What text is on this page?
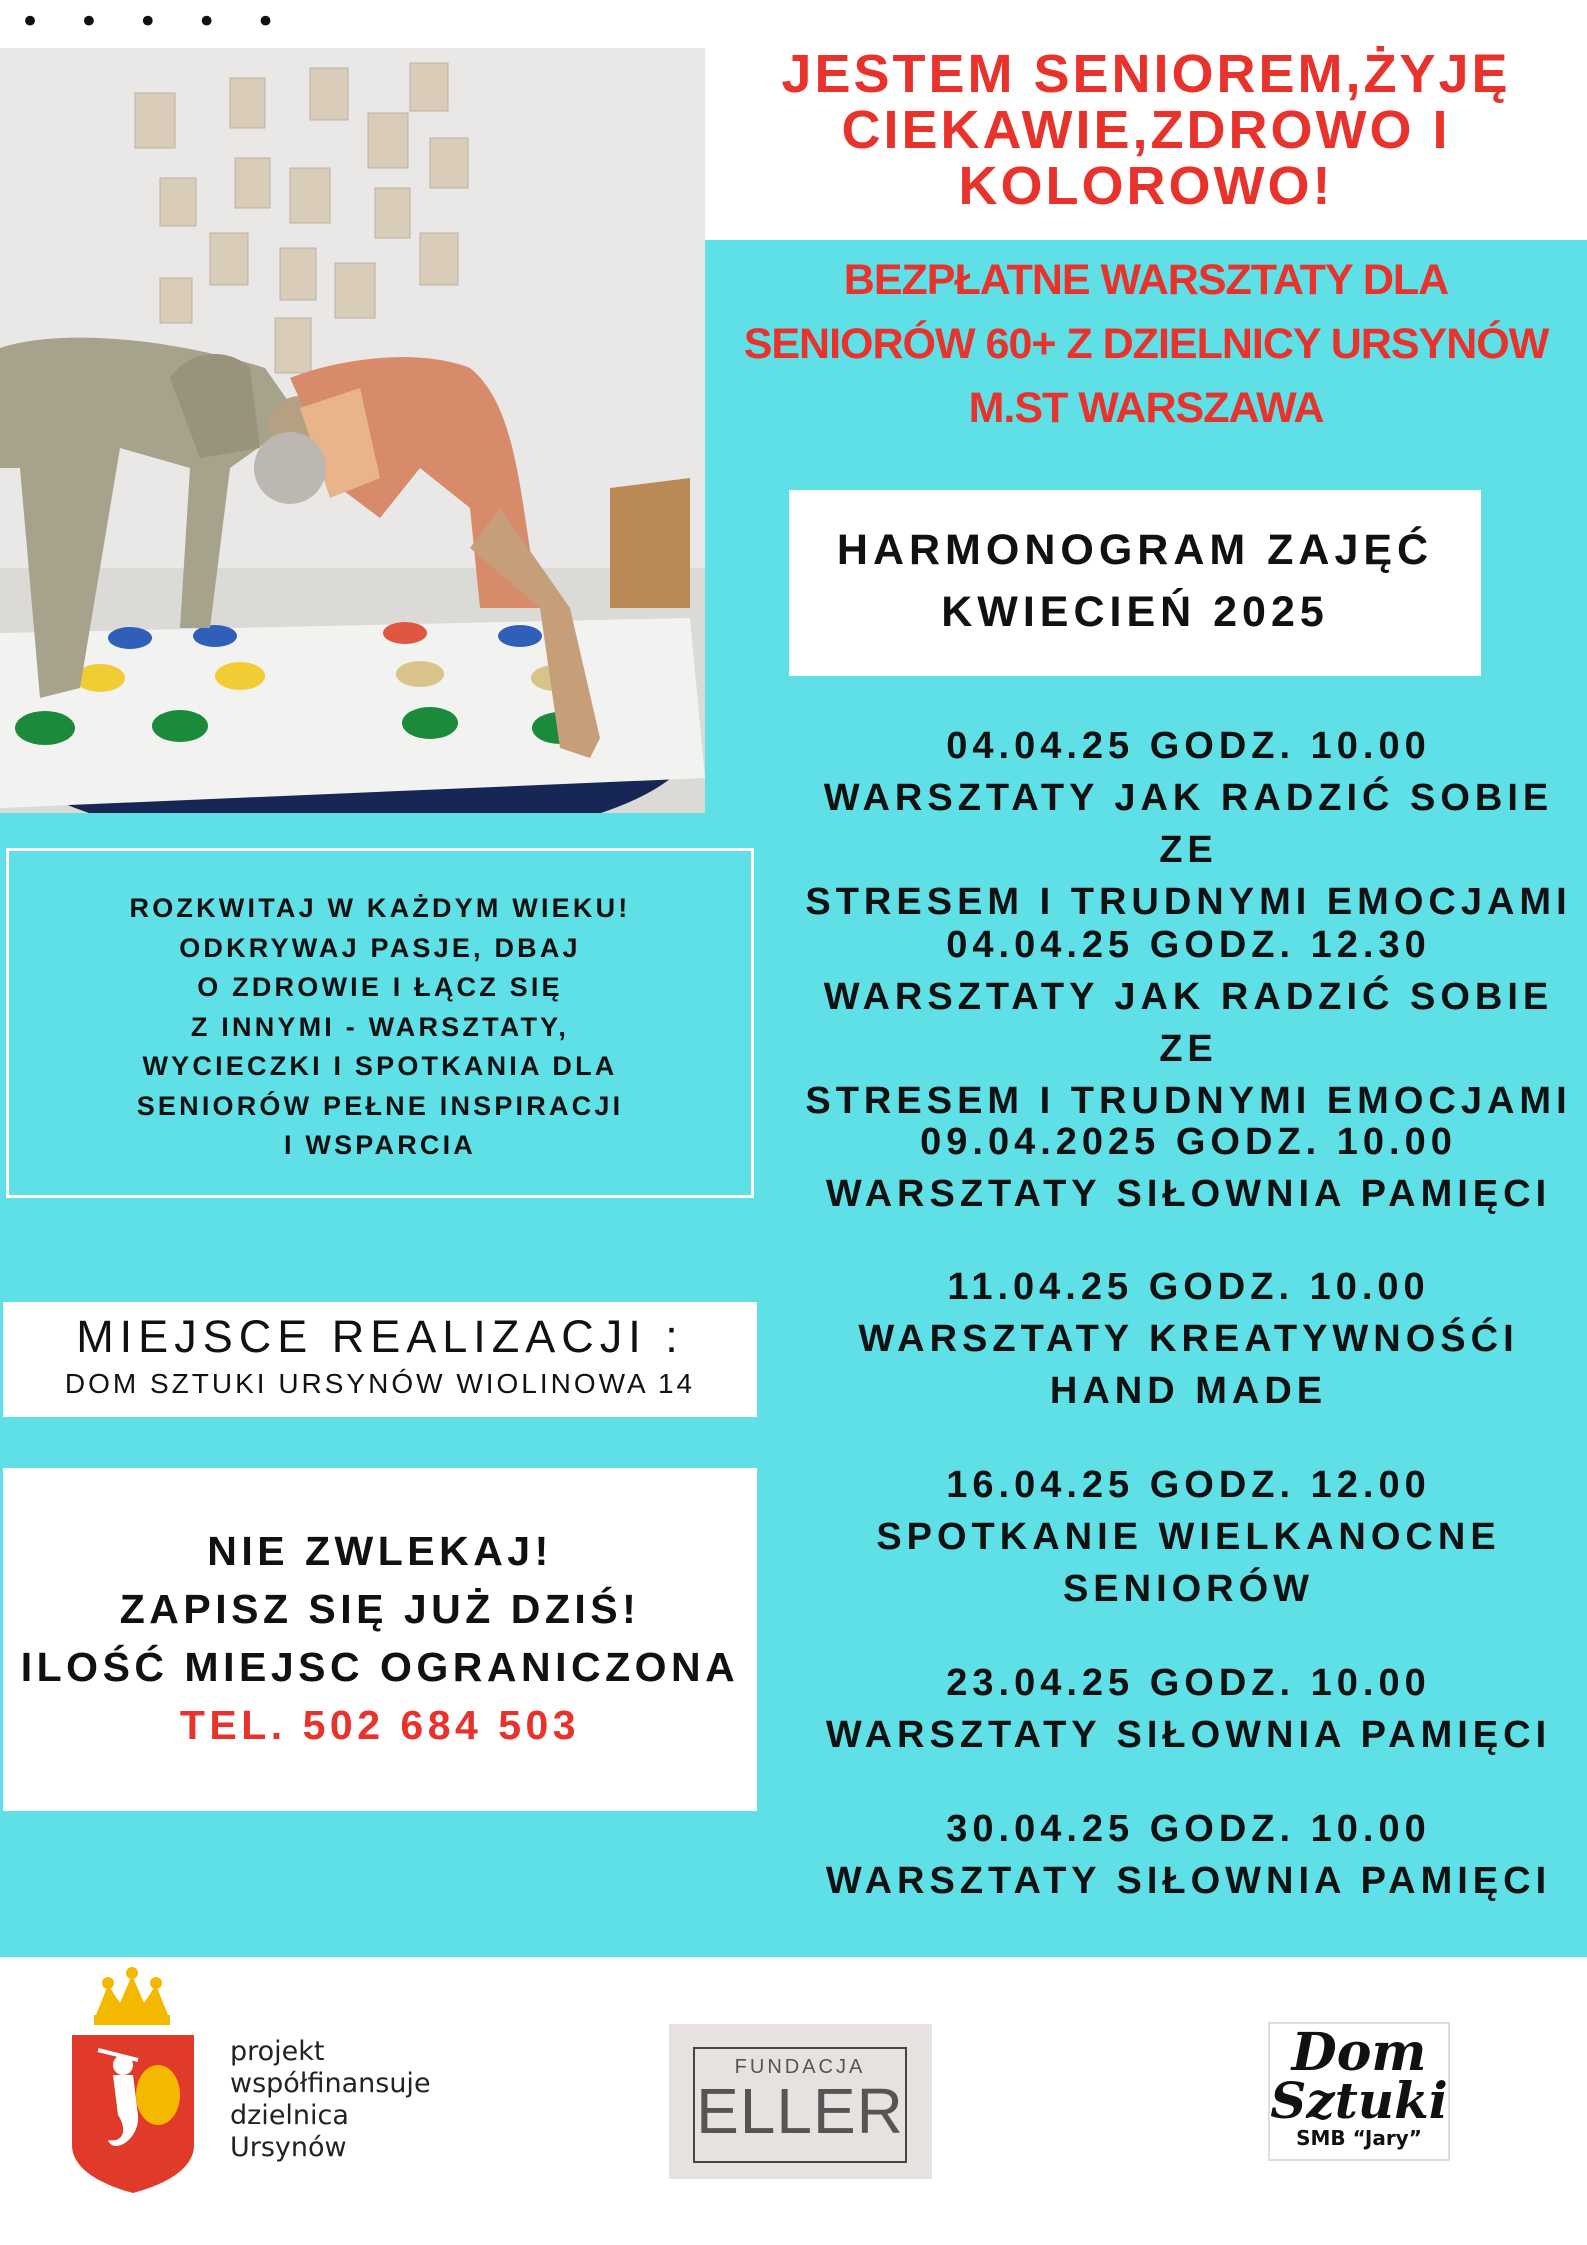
• • • • •
JESTEM SENIOREM,ŻYJĘ
CIEKAWIE,ZDROWO I
KOLOROWO!
BEZPŁATNE WARSZTATY DLA
SENIORÓW 60+ Z DZIELNICY URSYNÓW
M.ST WARSZAWA
HARMONOGRAM ZAJĘĆ
KWIECIEŃ 2025
04.04.25 GODZ. 10.00
WARSZTATY JAK RADZIĆ SOBIE ZE
STRESEM I TRUDNYMI EMOCJAMI
04.04.25 GODZ. 12.30
WARSZTATY JAK RADZIĆ SOBIE ZE
STRESEM I TRUDNYMI EMOCJAMI
09.04.2025 GODZ. 10.00
WARSZTATY SIŁOWNIA PAMIĘCI
11.04.25 GODZ. 10.00
WARSZTATY KREATYWNOŚĆI
HAND MADE
16.04.25 GODZ. 12.00
SPOTKANIE WIELKANOCNE
SENIORÓW
23.04.25 GODZ. 10.00
WARSZTATY SIŁOWNIA PAMIĘCI
30.04.25 GODZ. 10.00
WARSZTATY SIŁOWNIA PAMIĘCI
ROZKWITAJ W KAŻDYM WIEKU!
ODKRYWAJ PASJE, DBAJ
O ZDROWIE I ŁĄCZ SIĘ
Z INNYMI - WARSZTATY,
WYCIECZKI I SPOTKANIA DLA
SENIORÓW PEŁNE INSPIRACJI
I WSPARCIA
MIEJSCE REALIZACJI :
DOM SZTUKI URSYNÓW WIOLINOWA 14
NIE ZWLEKAJ!
ZAPISZ SIĘ JUŻ DZIŚ!
ILOŚĆ MIEJSC OGRANICZONA
TEL. 502 684 503
projekt
współfinansuje
dzielnica
Ursynów
FUNDACJA
ELLER
Dom
Sztuki
SMB “Jary”
